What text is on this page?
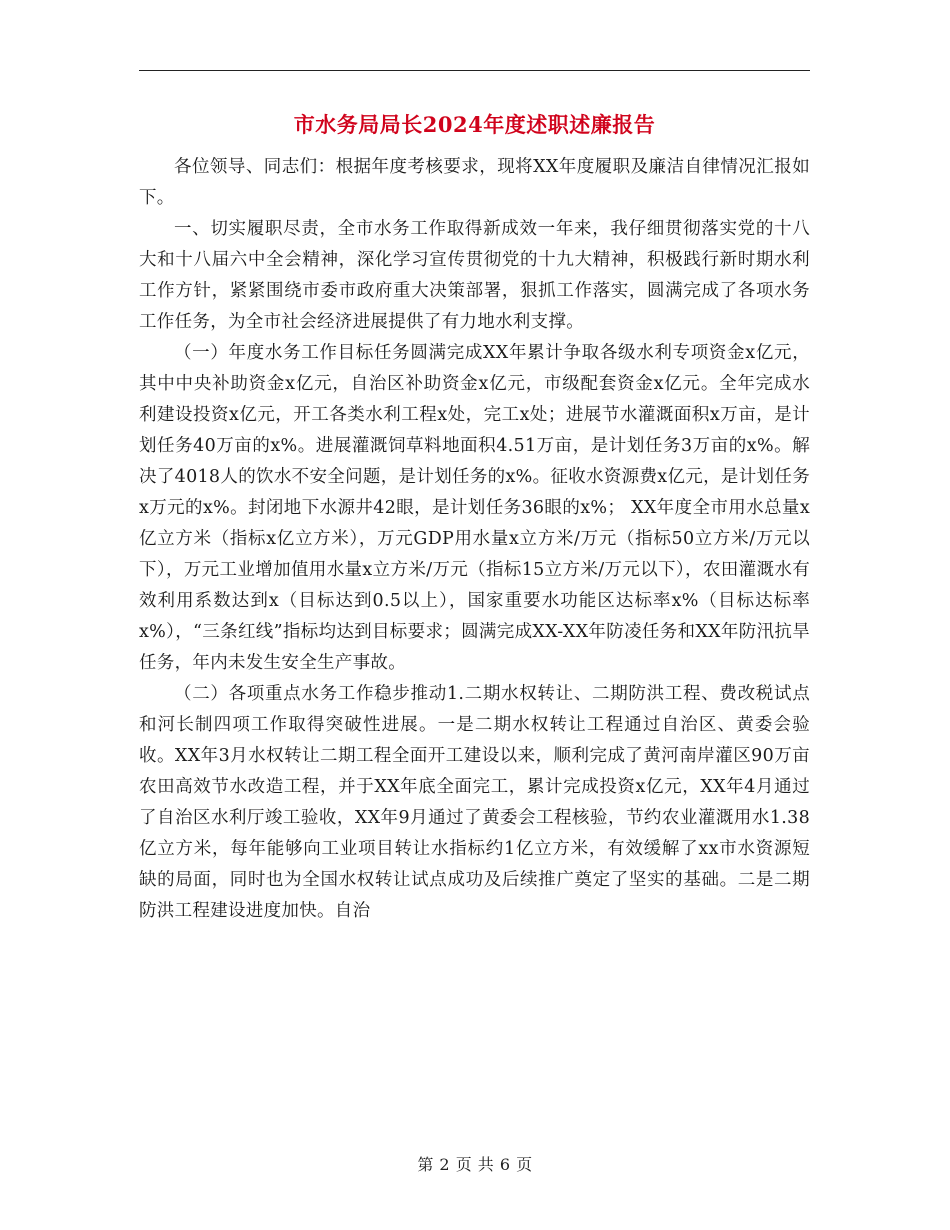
市水务局局长2024年度述职述廉报告

各位领导、同志们：根据年度考核要求，现将XX年度履职及廉洁自律情况汇报如下。

一、切实履职尽责，全市水务工作取得新成效一年来，我仔细贯彻落实党的十八大和十八届六中全会精神，深化学习宣传贯彻党的十九大精神，积极践行新时期水利工作方针，紧紧围绕市委市政府重大决策部署，狠抓工作落实，圆满完成了各项水务工作任务，为全市社会经济进展提供了有力地水利支撑。

（一）年度水务工作目标任务圆满完成XX年累计争取各级水利专项资金x亿元，其中中央补助资金x亿元，自治区补助资金x亿元，市级配套资金x亿元。全年完成水利建设投资x亿元，开工各类水利工程x处，完工x处；进展节水灌溉面积x万亩，是计划任务40万亩的x%。进展灌溉饲草料地面积4.51万亩，是计划任务3万亩的x%。解决了4018人的饮水不安全问题，是计划任务的x%。征收水资源费x亿元，是计划任务x万元的x%。封闭地下水源井42眼，是计划任务36眼的x%； XX年度全市用水总量x亿立方米（指标x亿立方米），万元GDP用水量x立方米/万元（指标50立方米/万元以下），万元工业增加值用水量x立方米/万元（指标15立方米/万元以下），农田灌溉水有效利用系数达到x（目标达到0.5以上），国家重要水功能区达标率x%（目标达标率x%），“三条红线”指标均达到目标要求；圆满完成XX-XX年防凌任务和XX年防汛抗旱任务，年内未发生安全生产事故。

（二）各项重点水务工作稳步推动1.二期水权转让、二期防洪工程、费改税试点和河长制四项工作取得突破性进展。一是二期水权转让工程通过自治区、黄委会验收。XX年3月水权转让二期工程全面开工建设以来，顺利完成了黄河南岸灌区90万亩农田高效节水改造工程，并于XX年底全面完工，累计完成投资x亿元，XX年4月通过了自治区水利厅竣工验收，XX年9月通过了黄委会工程核验，节约农业灌溉用水1.38亿立方米，每年能够向工业项目转让水指标约1亿立方米，有效缓解了xx市水资源短缺的局面，同时也为全国水权转让试点成功及后续推广奠定了坚实的基础。二是二期防洪工程建设进度加快。自治

第 2 页 共 6 页
